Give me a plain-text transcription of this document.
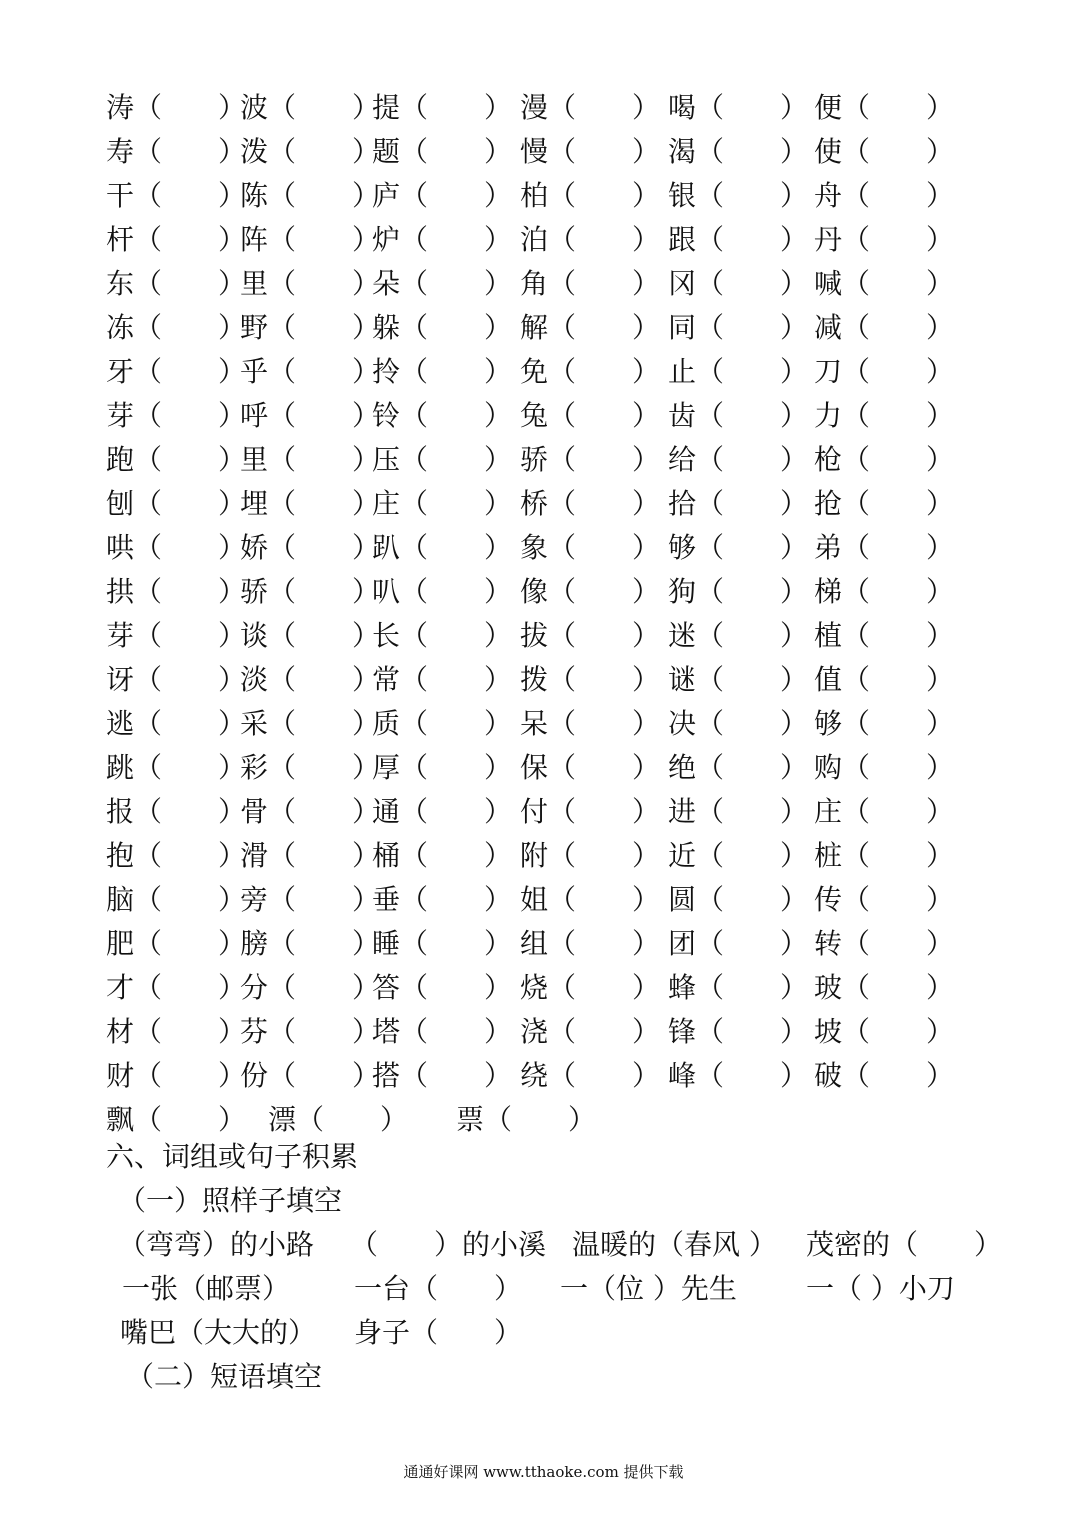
涛（　　）
波（　　）
提（　　） 漫（　　） 喝（　　） 便（　　）
寿（　　）
泼（　　）
题（　　） 慢（　　） 渴（　　） 使（　　）
干（　　）
陈（　　）
庐（　　） 柏（　　） 银（　　） 舟（　　）
杆（　　）
阵（　　）
炉（　　） 泊（　　） 跟（　　） 丹（　　）
东（　　）
里（　　）
朵（　　） 角（　　） 冈（　　） 喊（　　）
冻（　　）
野（　　）
躲（　　） 解（　　） 同（　　） 减（　　）
牙（　　）
乎（　　）
拎（　　） 免（　　） 止（　　） 刀（　　）
芽（　　）
呼（　　）
铃（　　） 兔（　　） 齿（　　） 力（　　）
跑（　　）
里（　　）
压（　　） 骄（　　） 给（　　） 枪（　　）
刨（　　）
埋（　　）
庄（　　） 桥（　　） 拾（　　） 抢（　　）
哄（　　）
娇（　　）
趴（　　） 象（　　） 够（　　） 弟（　　）
拱（　　）
骄（　　）
叭（　　） 像（　　） 狗（　　） 梯（　　）
芽（　　）
谈（　　）
长（　　） 拔（　　） 迷（　　） 植（　　）
讶（　　）
淡（　　）
常（　　） 拨（　　） 谜（　　） 值（　　）
逃（　　）
采（　　）
质（　　） 呆（　　） 决（　　） 够（　　）
跳（　　）
彩（　　）
厚（　　） 保（　　） 绝（　　） 购（　　）
报（　　）
骨（　　）
通（　　） 付（　　） 进（　　） 庄（　　）
抱（　　）
滑（　　）
桶（　　） 附（　　） 近（　　） 桩（　　）
脑（　　）
旁（　　）
垂（　　） 姐（　　） 圆（　　） 传（　　）
肥（　　）
膀（　　）
睡（　　） 组（　　） 团（　　） 转（　　）
才（　　）
分（　　）
答（　　） 烧（　　） 蜂（　　） 玻（　　）
材（　　）
芬（　　）
塔（　　） 浇（　　） 锋（　　） 坡（　　）
财（　　）
份（　　）
搭（　　） 绕（　　） 峰（　　） 破（　　）
飘（　　） 漂（　　） 票（　　）
六、词组或句子积累
（一）照样子填空
（弯弯）的小路 （　　）的小溪 温暖的（春风 ） 茂密的（　　）
一张（邮票） 一台（　　） 一（位 ）先生 一（ ）小刀
嘴巴（大大的） 身子（　　）
（二）短语填空
通通好课网 www.tthaoke.com 提供下载
